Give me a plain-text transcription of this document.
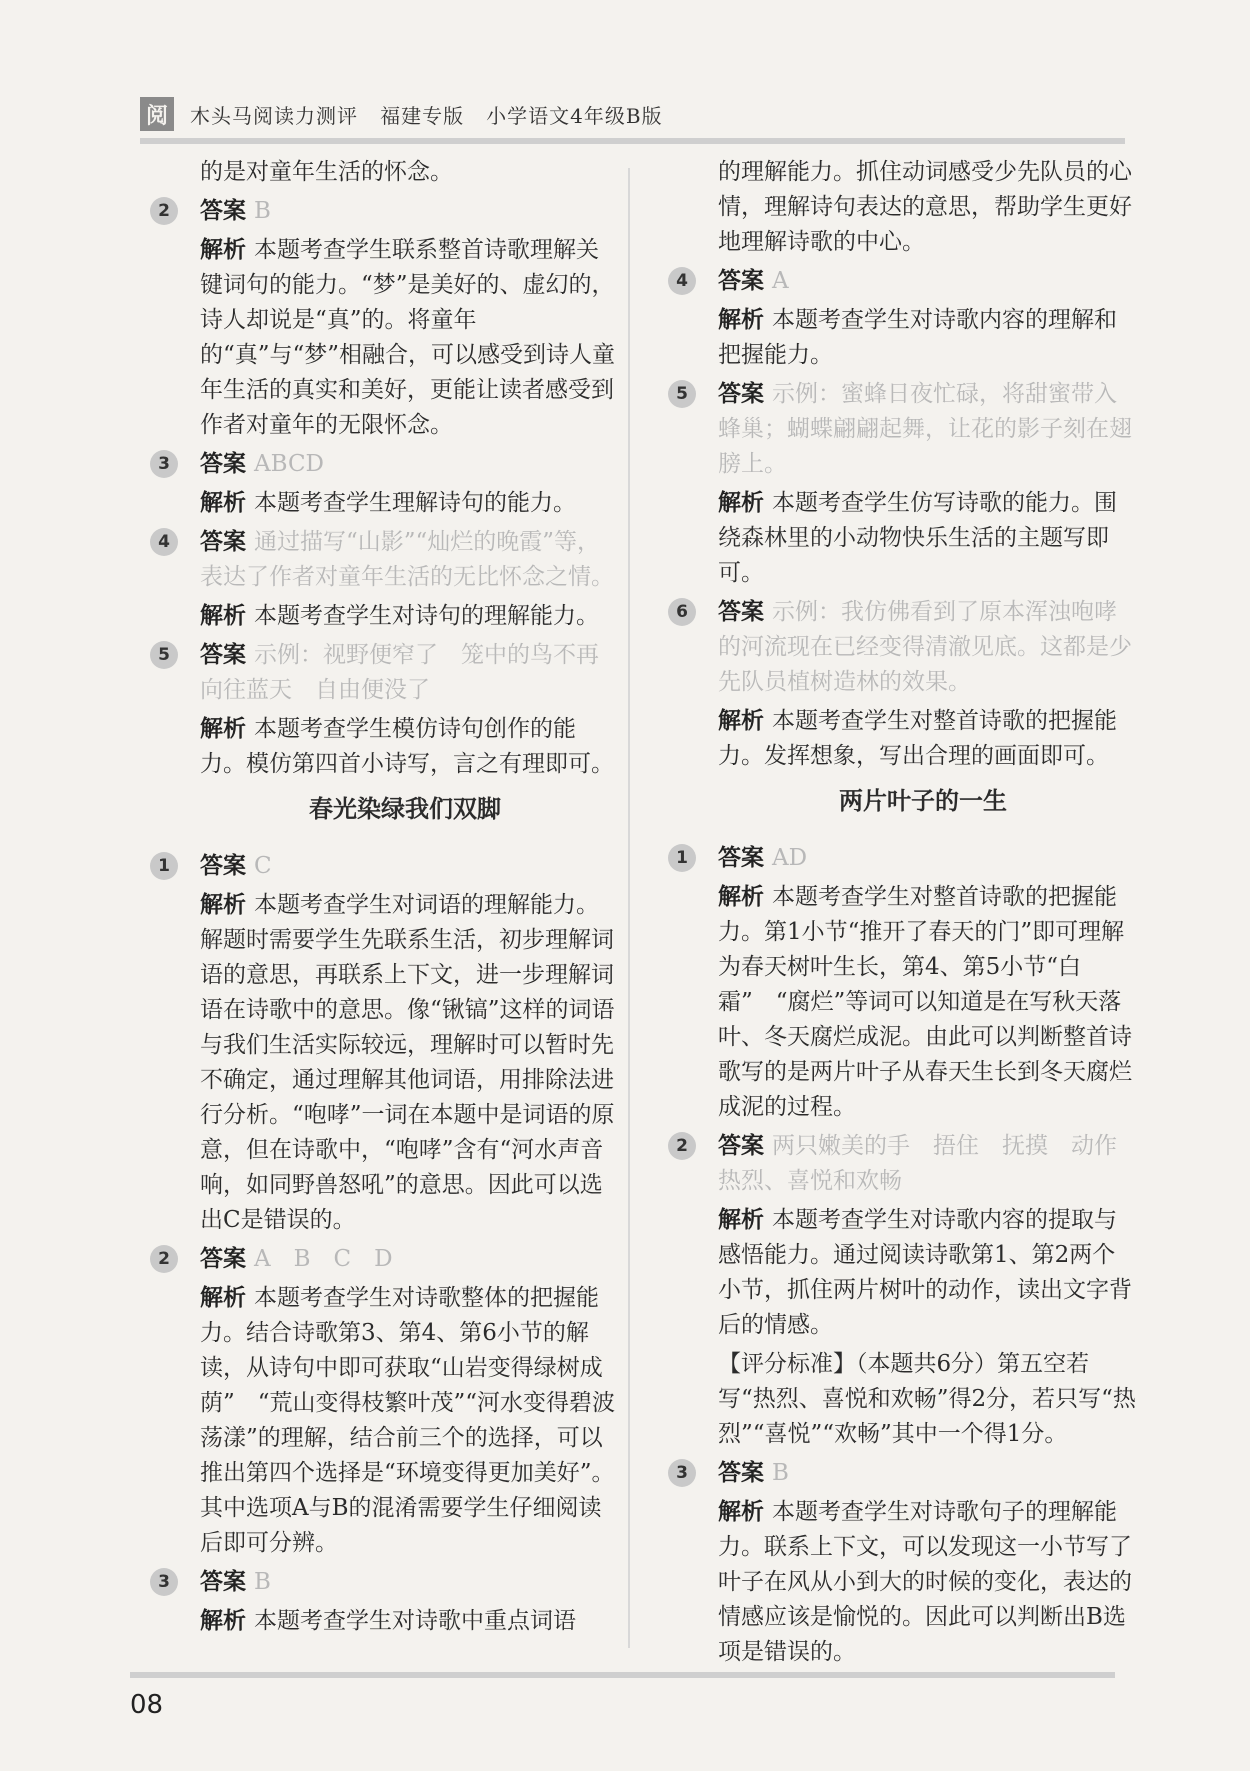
阅	木头马阅读力测评   福建专版   小学语文4年级B版
的是对童年生活的怀念。
2	答案 B
解析 本题考查学生联系整首诗歌理解关键词句的能力。“梦”是美好的、虚幻的，诗人却说是“真”的。将童年的“真”与“梦”相融合，可以感受到诗人童年生活的真实和美好，更能让读者感受到作者对童年的无限怀念。
3	答案 ABCD
解析 本题考查学生理解诗句的能力。
4	答案 通过描写“山影”“灿烂的晚霞”等，表达了作者对童年生活的无比怀念之情。
解析 本题考查学生对诗句的理解能力。
5	答案 示例：视野便窄了　笼中的鸟不再向往蓝天　自由便没了
解析 本题考查学生模仿诗句创作的能力。模仿第四首小诗写，言之有理即可。
春光染绿我们双脚
1	答案 C
解析 本题考查学生对词语的理解能力。解题时需要学生先联系生活，初步理解词语的意思，再联系上下文，进一步理解词语在诗歌中的意思。像“锹镐”这样的词语与我们生活实际较远，理解时可以暂时先不确定，通过理解其他词语，用排除法进行分析。“咆哮”一词在本题中是词语的原意，但在诗歌中，“咆哮”含有“河水声音响，如同野兽怒吼”的意思。因此可以选出C是错误的。
2	答案 A　B　C　D
解析 本题考查学生对诗歌整体的把握能力。结合诗歌第3、第4、第6小节的解读，从诗句中即可获取“山岩变得绿树成荫”　“荒山变得枝繁叶茂”“河水变得碧波荡漾”的理解，结合前三个的选择，可以推出第四个选择是“环境变得更加美好”。其中选项A与B的混淆需要学生仔细阅读后即可分辨。
3	答案 B
解析 本题考查学生对诗歌中重点词语
的理解能力。抓住动词感受少先队员的心情，理解诗句表达的意思，帮助学生更好地理解诗歌的中心。
4	答案 A
解析 本题考查学生对诗歌内容的理解和把握能力。
5	答案 示例：蜜蜂日夜忙碌，将甜蜜带入蜂巢；蝴蝶翩翩起舞，让花的影子刻在翅膀上。
解析 本题考查学生仿写诗歌的能力。围绕森林里的小动物快乐生活的主题写即可。
6	答案 示例：我仿佛看到了原本浑浊咆哮的河流现在已经变得清澈见底。这都是少先队员植树造林的效果。
解析 本题考查学生对整首诗歌的把握能力。发挥想象，写出合理的画面即可。
两片叶子的一生
1	答案 AD
解析 本题考查学生对整首诗歌的把握能力。第1小节“推开了春天的门”即可理解为春天树叶生长，第4、第5小节“白霜”　“腐烂”等词可以知道是在写秋天落叶、冬天腐烂成泥。由此可以判断整首诗歌写的是两片叶子从春天生长到冬天腐烂成泥的过程。
2	答案 两只嫩美的手　捂住　抚摸　动作　热烈、喜悦和欢畅
解析 本题考查学生对诗歌内容的提取与感悟能力。通过阅读诗歌第1、第2两个小节，抓住两片树叶的动作，读出文字背后的情感。
【评分标准】（本题共6分）第五空若写“热烈、喜悦和欢畅”得2分，若只写“热烈”“喜悦”“欢畅”其中一个得1分。
3	答案 B
解析 本题考查学生对诗歌句子的理解能力。联系上下文，可以发现这一小节写了叶子在风从小到大的时候的变化，表达的情感应该是愉悦的。因此可以判断出B选项是错误的。
08
